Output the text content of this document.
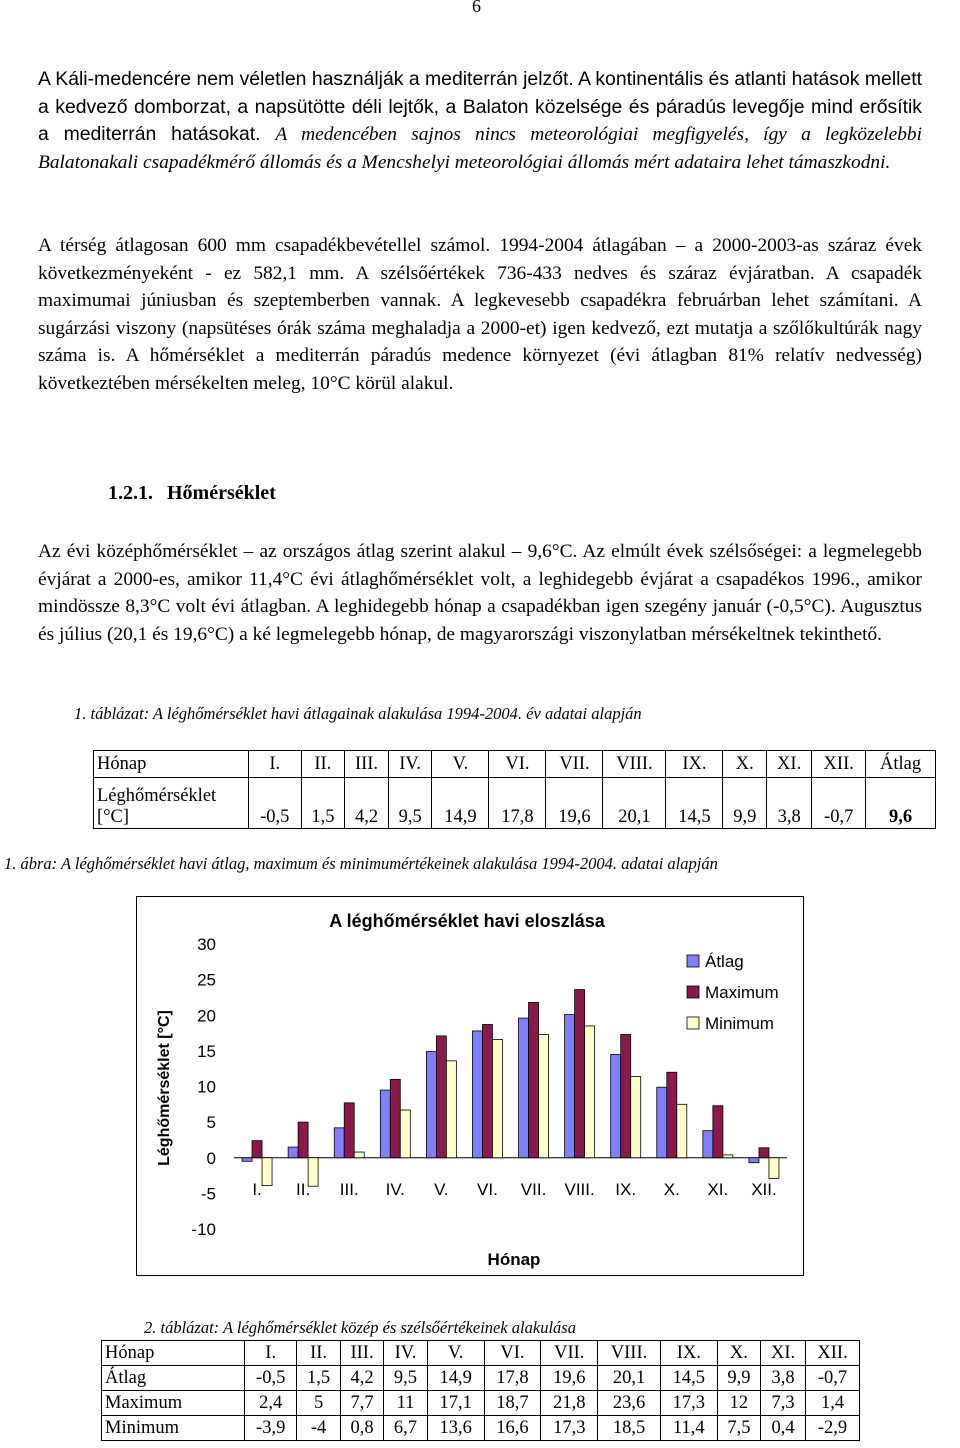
6

A Káli-medencére nem véletlen használják a mediterrán jelzőt. A kontinentális és atlanti hatások mellett a kedvező domborzat, a napsütötte déli lejtők, a Balaton közelsége és páradús levegője mind erősítik a mediterrán hatásokat. A medencében sajnos nincs meteorológiai megfigyelés, így a legközelebbi Balatonakali csapadékmérő állomás és a Mencshelyi meteorológiai állomás mért adataira lehet támaszkodni.

A térség átlagosan 600 mm csapadékbevétellel számol. 1994-2004 átlagában – a 2000-2003-as száraz évek következményeként - ez 582,1 mm. A szélsőértékek 736-433 nedves és száraz évjáratban. A csapadék maximumai júniusban és szeptemberben vannak. A legkevesebb csapadékra februárban lehet számítani. A sugárzási viszony (napsütéses órák száma meghaladja a 2000-et) igen kedvező, ezt mutatja a szőlőkultúrák nagy száma is. A hőmérséklet a mediterrán páradús medence környezet (évi átlagban 81% relatív nedvesség) következtében mérsékelten meleg, 10°C körül alakul.

1.2.1. Hőmérséklet

Az évi középhőmérséklet – az országos átlag szerint alakul – 9,6°C. Az elmúlt évek szélsőségei: a legmelegebb évjárat a 2000-es, amikor 11,4°C évi átlaghőmérséklet volt, a leghidegebb évjárat a csapadékos 1996., amikor mindössze 8,3°C volt évi átlagban. A leghidegebb hónap a csapadékban igen szegény január (-0,5°C). Augusztus és július (20,1 és 19,6°C) a ké legmelegebb hónap, de magyarországi viszonylatban mérsékeltnek tekinthető.

1. táblázat: A léghőmérséklet havi átlagainak alakulása 1994-2004. év adatai alapján
Hónap	I.	II.	III.	IV.	V.	VI.	VII.	VIII.	IX.	X.	XI.	XII.	Átlag
Léghőmérséklet
[°C]	-0,5	1,5	4,2	9,5	14,9	17,8	19,6	20,1	14,5	9,9	3,8	-0,7	9,6
1. ábra: A léghőmérséklet havi átlag, maximum és minimumértékeinek alakulása 1994-2004. adatai alapján
A léghőmérséklet havi eloszlása
Léghőmérséklet [°C]
Hónap
-10
-5
0
5
10
15
20
25
30
I. II. III. IV. V. VI. VII. VIII. IX. X. XI. XII.
Átlag
Maximum
Minimum
2. táblázat: A léghőmérséklet közép és szélsőértékeinek alakulása
Hónap	I.	II.	III.	IV.	V.	VI.	VII.	VIII.	IX.	X.	XI.	XII.
Átlag	-0,5	1,5	4,2	9,5	14,9	17,8	19,6	20,1	14,5	9,9	3,8	-0,7
Maximum	2,4	5	7,7	11	17,1	18,7	21,8	23,6	17,3	12	7,3	1,4
Minimum	-3,9	-4	0,8	6,7	13,6	16,6	17,3	18,5	11,4	7,5	0,4	-2,9
